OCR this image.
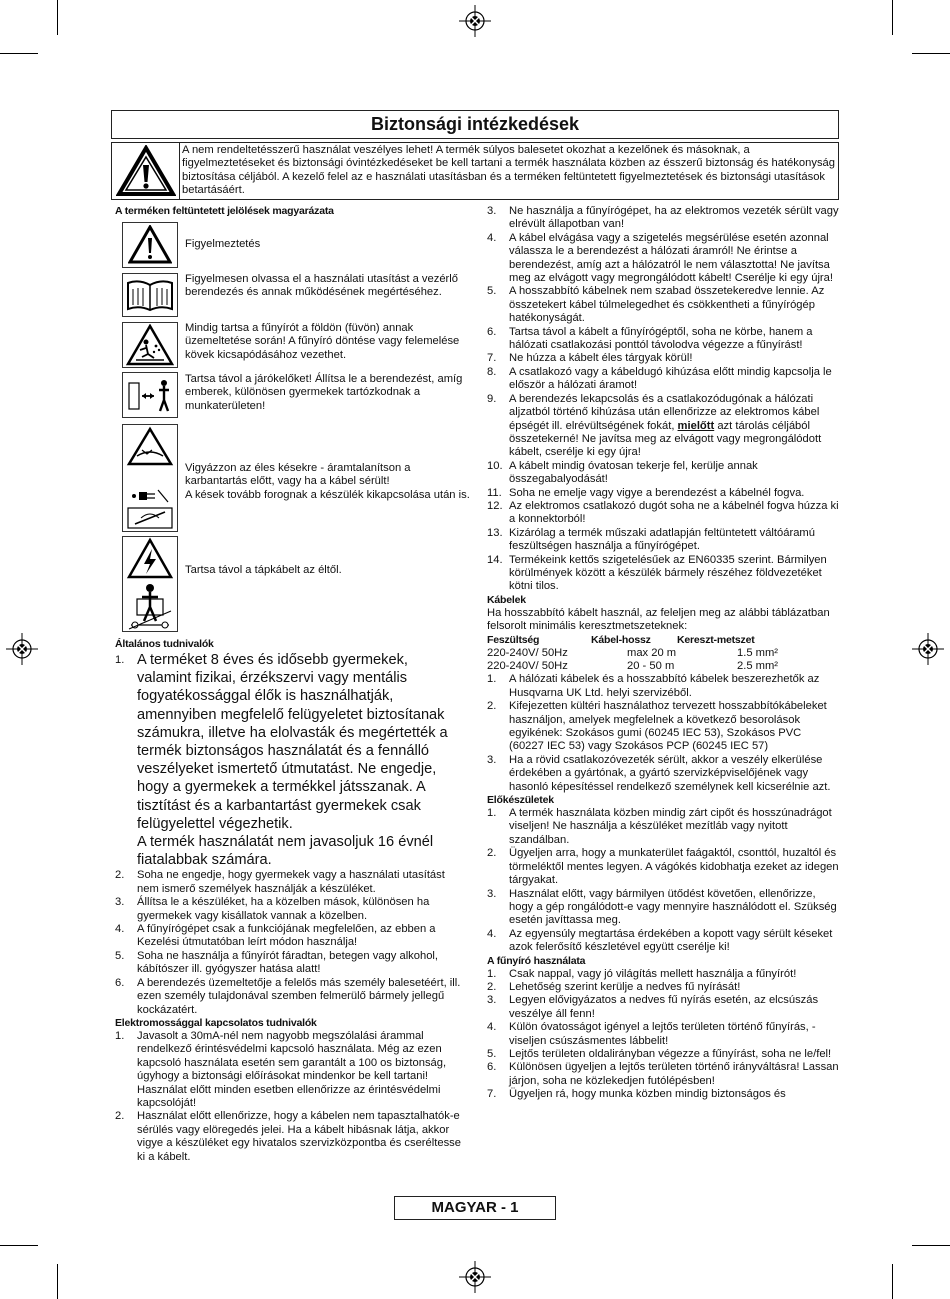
Biztonsági intézkedések
A nem rendeltetésszerű használat veszélyes lehet! A termék súlyos balesetet okozhat a kezelőnek és másoknak, a figyelmeztetéseket és biztonsági óvintézkedéseket be kell tartani a termék használata közben az ésszerű biztonság és hatékonyság biztosítása céljából. A kezelő felel az e használati utasításban és a terméken feltüntetett figyelmeztetések és biztonsági utasítások betartásáért.
A terméken feltüntetett jelölések magyarázata
Figyelmeztetés
Figyelmesen olvassa el a használati utasítást a vezérlő berendezés és annak működésének megértéséhez.
Mindig tartsa a fűnyírót a földön (füvön) annak üzemeltetése során! A fűnyíró döntése vagy felemelése kövek kicsapódásához vezethet.
Tartsa távol a járókelőket! Állítsa le a berendezést, amíg emberek, különösen gyermekek tartózkodnak a munkaterületen!
Vigyázzon az éles késekre - áramtalanítson a karbantartás előtt, vagy ha a kábel sérült!
A kések tovább forognak a készülék kikapcsolása után is.
Tartsa távol a tápkábelt az éltől.
Általános tudnivalók
1. A terméket 8 éves és idősebb gyermekek, valamint fizikai, érzékszervi vagy mentális fogyatékossággal élők is használhatják, amennyiben megfelelő felügyeletet biztosítanak számukra, illetve ha elolvasták és megértették a termék biztonságos használatát és a fennálló veszélyeket ismertető útmutatást. Ne engedje, hogy a gyermekek a termékkel játsszanak. A tisztítást és a karbantartást gyermekek csak felügyelettel végezhetik.
A termék használatát nem javasoljuk 16 évnél fiatalabbak számára.
2. Soha ne engedje, hogy gyermekek vagy a használati utasítást nem ismerő személyek használják a készüléket.
3. Állítsa le a készüléket, ha a közelben mások, különösen ha gyermekek vagy kisállatok vannak a közelben.
4. A fűnyírógépet csak a funkciójának megfelelően, az ebben a Kezelési útmutatóban leírt módon használja!
5. Soha ne használja a fűnyírót fáradtan, betegen vagy alkohol, kábítószer ill. gyógyszer hatása alatt!
6. A berendezés üzemeltetője a felelős más személy balesetéért, ill. ezen személy tulajdonával szemben felmerülő bármely jellegű kockázatért.
Elektromossággal kapcsolatos tudnivalók
1. Javasolt a 30mA-nél nem nagyobb megszólalási árammal rendelkező érintésvédelmi kapcsoló használata. Még az ezen kapcsoló használata esetén sem garantált a 100 os biztonság, úgyhogy a biztonsági előírásokat mindenkor be kell tartani! Használat előtt minden esetben ellenőrizze az érintésvédelmi kapcsolóját!
2. Használat előtt ellenőrizze, hogy a kábelen nem tapasztalhatók-e sérülés vagy elöregedés jelei. Ha a kábelt hibásnak látja, akkor vigye a készüléket egy hivatalos szervizközpontba és cseréltesse ki a kábelt.
3. Ne használja a fűnyírógépet, ha az elektromos vezeték sérült vagy elrévült állapotban van!
4. A kábel elvágása vagy a szigetelés megsérülése esetén azonnal válassza le a berendezést a hálózati áramról! Ne érintse a berendezést, amíg azt a hálózatról le nem választotta! Ne javítsa meg az elvágott vagy megrongálódott kábelt! Cserélje ki egy újra!
5. A hosszabbító kábelnek nem szabad összetekeredve lennie. Az összetekert kábel túlmelegedhet és csökkentheti a fűnyírógép hatékonyságát.
6. Tartsa távol a kábelt a fűnyírógéptől, soha ne körbe, hanem a hálózati csatlakozási ponttól távolodva végezze a fűnyírást!
7. Ne húzza a kábelt éles tárgyak körül!
8. A csatlakozó vagy a kábeldugó kihúzása előtt mindig kapcsolja le először a hálózati áramot!
9. A berendezés lekapcsolás és a csatlakozódugónak a hálózati aljzatból történő kihúzása után ellenőrizze az elektromos kábel épségét ill. elrévültségének fokát, mielőtt azt tárolás céljából összetekerné! Ne javítsa meg az elvágott vagy megrongálódott kábelt, cserélje ki egy újra!
10. A kábelt mindig óvatosan tekerje fel, kerülje annak összegabalyodását!
11. Soha ne emelje vagy vigye a berendezést a kábelnél fogva.
12. Az elektromos csatlakozó dugót soha ne a kábelnél fogva húzza ki a konnektorból!
13. Kizárólag a termék műszaki adatlapján feltüntetett váltóáramú feszültségen használja a fűnyírógépet.
14. Termékeink kettős szigetelésűek az EN60335 szerint. Bármilyen körülmények között a készülék bármely részéhez földvezetéket kötni tilos.
Kábelek
Ha hosszabbító kábelt használ, az feleljen meg az alábbi táblázatban felsorolt minimális keresztmetszeteknek:
Feszültség	Kábel-hossz	Kereszt-metszet
220-240V/ 50Hz	max 20 m	1.5 mm²
220-240V/ 50Hz	20 - 50 m	2.5 mm²
1. A hálózati kábelek és a hosszabbító kábelek beszerezhetők az Husqvarna UK Ltd. helyi szervizéből.
2. Kifejezetten kültéri használathoz tervezett hosszabbítókábeleket használjon, amelyek megfelelnek a következő besorolások egyikének: Szokásos gumi (60245 IEC 53), Szokásos PVC (60227 IEC 53) vagy Szokásos PCP (60245 IEC 57)
3. Ha a rövid csatlakozóvezeték sérült, akkor a veszély elkerülése érdekében a gyártónak, a gyártó szervizképviselőjének vagy hasonló képesítéssel rendelkező személynek kell kicserélnie azt.
Előkészületek
1. A termék használata közben mindig zárt cipőt és hosszúnadrágot viseljen! Ne használja a készüléket mezítláb vagy nyitott szandálban.
2. Ügyeljen arra, hogy a munkaterület faágaktól, csonttól, huzaltól és törmeléktől mentes legyen. A vágókés kidobhatja ezeket az idegen tárgyakat.
3. Használat előtt, vagy bármilyen ütődést követően, ellenőrizze, hogy a gép rongálódott-e vagy mennyire használódott el. Szükség esetén javíttassa meg.
4. Az egyensúly megtartása érdekében a kopott vagy sérült késeket azok felerősítő készletével együtt cserélje ki!
A fűnyíró használata
1. Csak nappal, vagy jó világítás mellett használja a fűnyírót!
2. Lehetőség szerint kerülje a nedves fű nyírását!
3. Legyen elővigyázatos a nedves fű nyírás esetén, az elcsúszás veszélye áll fenn!
4. Külön óvatosságot igényel a lejtős területen történő fűnyírás, - viseljen csúszásmentes lábbelit!
5. Lejtős területen oldalirányban végezze a fűnyírást, soha ne le/fel!
6. Különösen ügyeljen a lejtős területen történő irányváltásra! Lassan járjon, soha ne közlekedjen futólépésben!
7. Ügyeljen rá, hogy munka közben mindig biztonságos és
MAGYAR - 1
